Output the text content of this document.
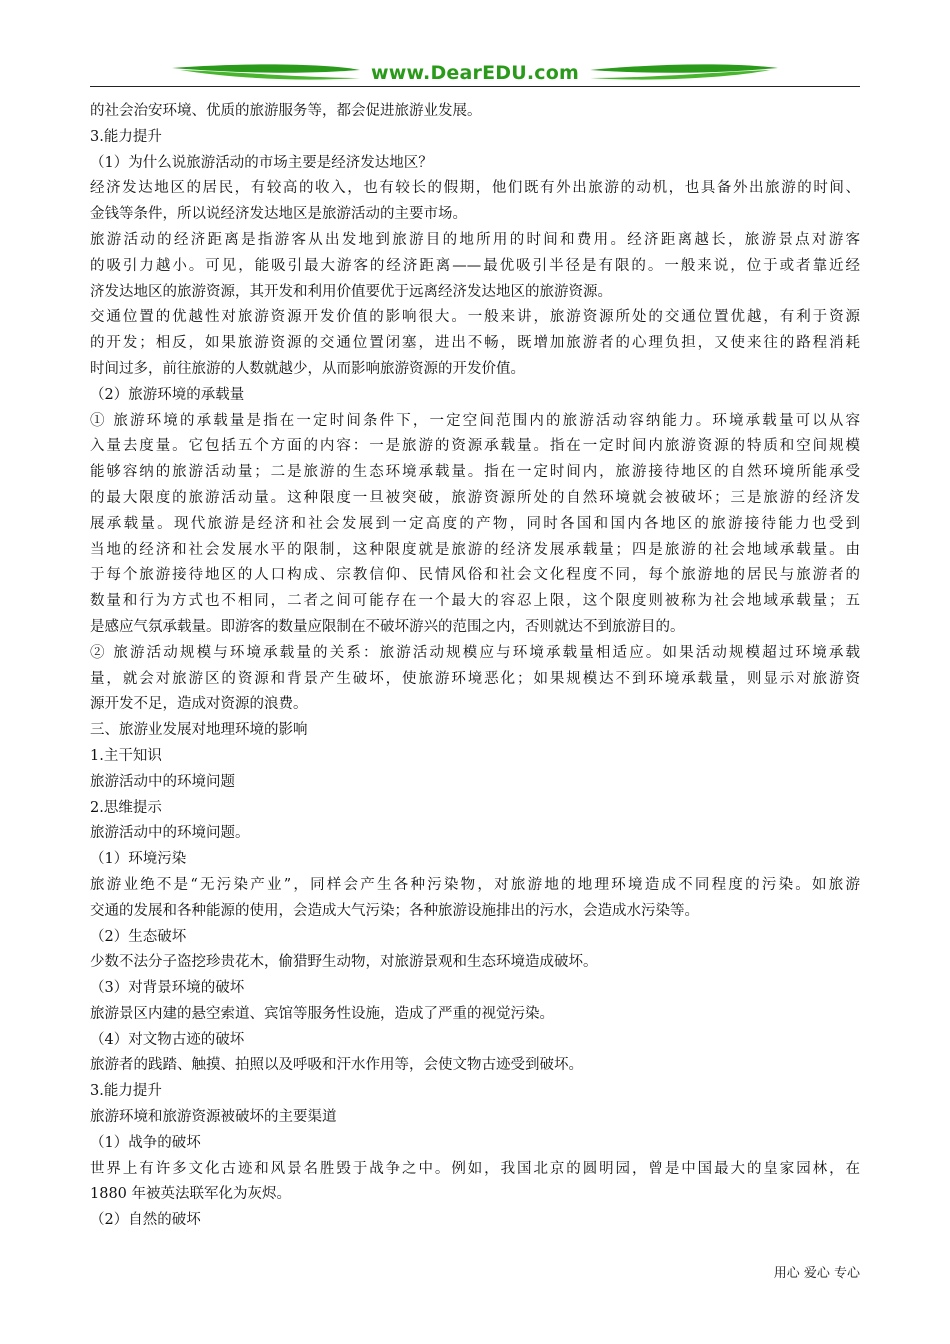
www.DearEDU.com
的社会治安环境、优质的旅游服务等，都会促进旅游业发展。
3.能力提升
（1）为什么说旅游活动的市场主要是经济发达地区？
经济发达地区的居民，有较高的收入，也有较长的假期，他们既有外出旅游的动机，也具备外出旅游的时间、
金钱等条件，所以说经济发达地区是旅游活动的主要市场。
旅游活动的经济距离是指游客从出发地到旅游目的地所用的时间和费用。经济距离越长，旅游景点对游客
的吸引力越小。可见，能吸引最大游客的经济距离——最优吸引半径是有限的。一般来说，位于或者靠近经
济发达地区的旅游资源，其开发和利用价值要优于远离经济发达地区的旅游资源。
交通位置的优越性对旅游资源开发价值的影响很大。一般来讲，旅游资源所处的交通位置优越，有利于资源
的开发；相反，如果旅游资源的交通位置闭塞，进出不畅，既增加旅游者的心理负担，又使来往的路程消耗
时间过多，前往旅游的人数就越少，从而影响旅游资源的开发价值。
（2）旅游环境的承载量
① 旅游环境的承载量是指在一定时间条件下，一定空间范围内的旅游活动容纳能力。环境承载量可以从容
入量去度量。它包括五个方面的内容：一是旅游的资源承载量。指在一定时间内旅游资源的特质和空间规模
能够容纳的旅游活动量；二是旅游的生态环境承载量。指在一定时间内，旅游接待地区的自然环境所能承受
的最大限度的旅游活动量。这种限度一旦被突破，旅游资源所处的自然环境就会被破坏；三是旅游的经济发
展承载量。现代旅游是经济和社会发展到一定高度的产物，同时各国和国内各地区的旅游接待能力也受到
当地的经济和社会发展水平的限制，这种限度就是旅游的经济发展承载量；四是旅游的社会地域承载量。由
于每个旅游接待地区的人口构成、宗教信仰、民情风俗和社会文化程度不同，每个旅游地的居民与旅游者的
数量和行为方式也不相同，二者之间可能存在一个最大的容忍上限，这个限度则被称为社会地域承载量；五
是感应气氛承载量。即游客的数量应限制在不破坏游兴的范围之内，否则就达不到旅游目的。
② 旅游活动规模与环境承载量的关系：旅游活动规模应与环境承载量相适应。如果活动规模超过环境承载
量，就会对旅游区的资源和背景产生破坏，使旅游环境恶化；如果规模达不到环境承载量，则显示对旅游资
源开发不足，造成对资源的浪费。
三、旅游业发展对地理环境的影响
1.主干知识
旅游活动中的环境问题
2.思维提示
旅游活动中的环境问题。
（1）环境污染
旅游业绝不是“无污染产业”，同样会产生各种污染物，对旅游地的地理环境造成不同程度的污染。如旅游
交通的发展和各种能源的使用，会造成大气污染；各种旅游设施排出的污水，会造成水污染等。
（2）生态破坏
少数不法分子盗挖珍贵花木，偷猎野生动物，对旅游景观和生态环境造成破坏。
（3）对背景环境的破坏
旅游景区内建的悬空索道、宾馆等服务性设施，造成了严重的视觉污染。
（4）对文物古迹的破坏
旅游者的践踏、触摸、拍照以及呼吸和汗水作用等，会使文物古迹受到破坏。
3.能力提升
旅游环境和旅游资源被破坏的主要渠道
（1）战争的破坏
世界上有许多文化古迹和风景名胜毁于战争之中。例如，我国北京的圆明园，曾是中国最大的皇家园林，在
1880 年被英法联军化为灰烬。
（2）自然的破坏
用心 爱心 专心
